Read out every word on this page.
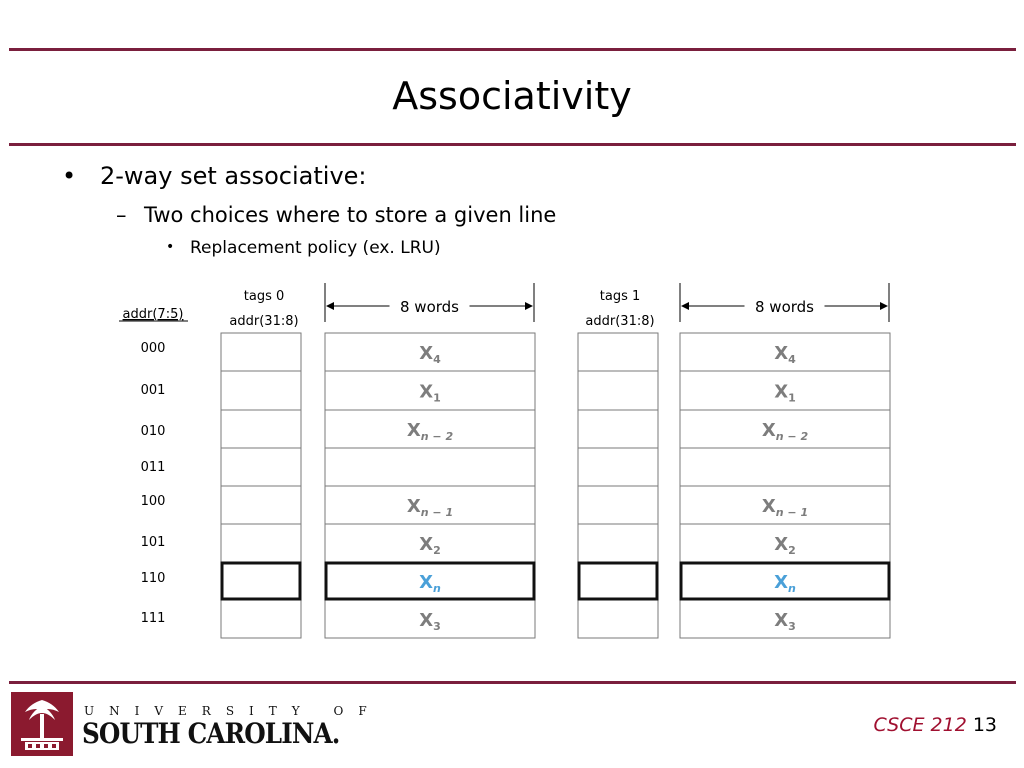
Associativity
• 2-way set associative:
– Two choices where to store a given line
• Replacement policy (ex. LRU)
addr(7:5)
000
001
010
011
100
101
110
111
tags 0
addr(31:8)
8 words
$X_4$
$X_1$
$X_{n - 2}$
$X_{n - 1}$
$X_2$
$X_n$
$X_3$
tags 1
addr(31:8)
8 words
$X_4$
$X_1$
$X_{n - 2}$
$X_{n - 1}$
$X_2$
$X_n$
$X_3$
UNIVERSITY OF
SOUTH CAROLINA.	CSCE 212 13
